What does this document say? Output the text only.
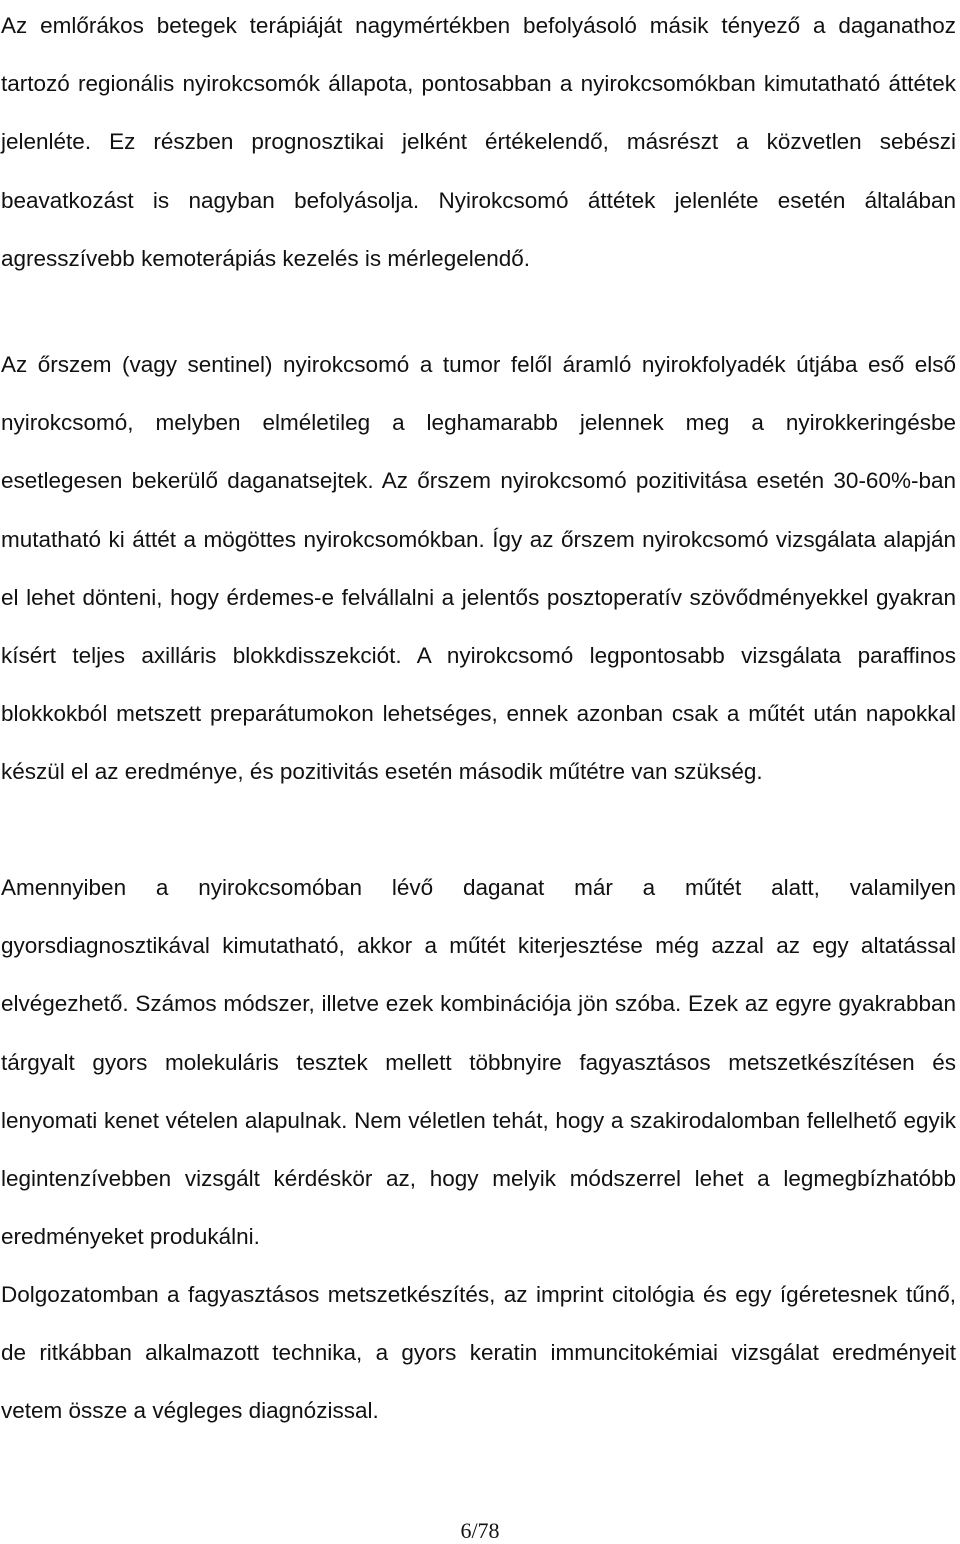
Az emlőrákos betegek terápiáját nagymértékben befolyásoló másik tényező a daganathoz tartozó regionális nyirokcsomók állapota, pontosabban a nyirokcsomókban kimutatható áttétek jelenléte. Ez részben prognosztikai jelként értékelendő, másrészt a közvetlen sebészi beavatkozást is nagyban befolyásolja. Nyirokcsomó áttétek jelenléte esetén általában agresszívebb kemoterápiás kezelés is mérlegelendő.

Az őrszem (vagy sentinel) nyirokcsomó a tumor felől áramló nyirokfolyadék útjába eső első nyirokcsomó, melyben elméletileg a leghamarabb jelennek meg a nyirokkeringésbe esetlegesen bekerülő daganatsejtek. Az őrszem nyirokcsomó pozitivitása esetén 30-60%-ban mutatható ki áttét a mögöttes nyirokcsomókban. Így az őrszem nyirokcsomó vizsgálata alapján el lehet dönteni, hogy érdemes-e felvállalni a jelentős posztoperatív szövődményekkel gyakran kísért teljes axilláris blokkdisszekciót. A nyirokcsomó legpontosabb vizsgálata paraffinos blokkokból metszett preparátumokon lehetséges, ennek azonban csak a műtét után napokkal készül el az eredménye, és pozitivitás esetén második műtétre van szükség.

Amennyiben a nyirokcsomóban lévő daganat már a műtét alatt, valamilyen gyorsdiagnosztikával kimutatható, akkor a műtét kiterjesztése még azzal az egy altatással elvégezhető. Számos módszer, illetve ezek kombinációja jön szóba. Ezek az egyre gyakrabban tárgyalt gyors molekuláris tesztek mellett többnyire fagyasztásos metszetkészítésen és lenyomati kenet vételen alapulnak. Nem véletlen tehát, hogy a szakirodalomban fellelhető egyik legintenzívebben vizsgált kérdéskör az, hogy melyik módszerrel lehet a legmegbízhatóbb eredményeket produkálni.

Dolgozatomban a fagyasztásos metszetkészítés, az imprint citológia és egy ígéretesnek tűnő, de ritkábban alkalmazott technika, a gyors keratin immuncitokémiai vizsgálat eredményeit vetem össze a végleges diagnózissal.

6/78
